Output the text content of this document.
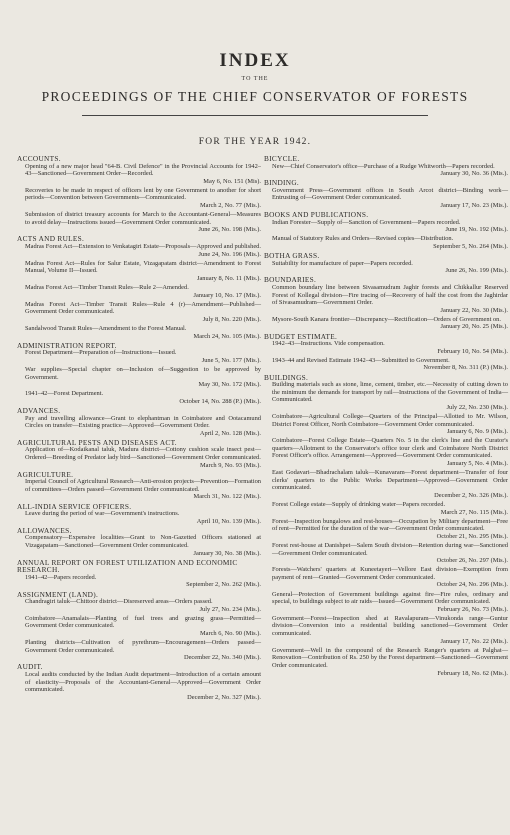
INDEX
TO THE
PROCEEDINGS OF THE CHIEF CONSERVATOR OF FORESTS
FOR THE YEAR 1942.
ACCOUNTS.
Opening of a new major head "64-B. Civil Defence" in the Provincial Accounts for 1942–43—Sanctioned—Government Order—Recorded.
May 6, No. 151 (Mis).
Recoveries to be made in respect of officers lent by one Government to another for short periods—Convention between Governments—Communicated.
March 2, No. 77 (Mis.).
Submission of district treasury accounts for March to the Accountant-General—Measures to avoid delay—Instructions issued—Government Order communicated.
June 26, No. 198 (Mis.).
ACTS AND RULES.
Madras Forest Act—Extension to Venkatagiri Estate—Proposals—Approved and published.
June 24, No. 196 (Mis.).
Madras Forest Act—Rules for Salur Estate, Vizagapatam district—Amendment to Forest Manual, Volume II—Issued.
January 8, No. 11 (Mis.).
Madras Forest Act—Timber Transit Rules—Rule 2—Amended.
January 10, No. 17 (Mis.).
Madras Forest Act—Timber Transit Rules—Rule 4 (r)—Amendment—Published—Government Order communicated.
July 8, No. 220 (Mis.).
Sandalwood Transit Rules—Amendment to the Forest Manual.
March 24, No. 105 (Mis.).
ADMINISTRATION REPORT.
Forest Department—Preparation of—Instructions—Issued.
June 5, No. 177 (Mis.).
War supplies—Special chapter on—Inclusion of—Suggestion to be approved by Government.
May 30, No. 172 (Mis.).
1941–42—Forest Department.
October 14, No. 288 (P.) (Mis.).
ADVANCES.
Pay and travelling allowance—Grant to elephantman in Coimbatore and Ootacamund Circles on transfer—Existing practice—Approved—Government Order.
April 2, No. 128 (Mis.).
AGRICULTURAL PESTS AND DISEASES ACT.
Application of—Kodaikanal taluk, Madura district—Cottony cushion scale insect pest—Ordered—Breeding of Predator lady bird—Sanctioned—Government Order communicated.
March 9, No. 93 (Mis.).
AGRICULTURE.
Imperial Council of Agricultural Research—Anti-erosion projects—Prevention—Formation of committees—Orders passed—Government Order communicated.
March 31, No. 122 (Mis.).
ALL-INDIA SERVICE OFFICERS.
Leave during the period of war—Government's instructions.
April 10, No. 139 (Mis.).
ALLOWANCES.
Compensatory—Expensive localities—Grant to Non-Gazetted Officers stationed at Vizagapatam—Sanctioned—Government Order communicated.
January 30, No. 38 (Mis.).
ANNUAL REPORT ON FOREST UTILIZATION AND ECONOMIC RESEARCH.
1941–42—Papers recorded.
September 2, No. 262 (Mis.).
ASSIGNMENT (LAND).
Chandragiri taluk—Chittoor district—Disreserved areas—Orders passed.
July 27, No. 234 (Mis.).
Coimbatore—Anamalais—Planting of fuel trees and grazing grass—Permitted—Government Order communicated.
March 6, No. 90 (Mis.).
Planting districts—Cultivation of pyrethrum—Encouragement—Orders passed—Government Order communicated.
December 22, No. 340 (Mis.).
AUDIT.
Local audits conducted by the Indian Audit department—Introduction of a certain amount of elasticity—Proposals of the Accountant-General—Approved—Government Order communicated.
December 2, No. 327 (Mis.).
BICYCLE.
New—Chief Conservator's office—Purchase of a Rudge Whitworth—Papers recorded.
January 30, No. 36 (Mis.).
BINDING.
Government Press—Government offices in South Arcot district—Binding work—Entrusting of—Government Order communicated.
January 17, No. 23 (Mis.).
BOOKS AND PUBLICATIONS.
Indian Forester—Supply of—Sanction of Government—Papers recorded.
June 19, No. 192 (Mis.).
Manual of Statutory Rules and Orders—Revised copies—Distribution.
September 5, No. 264 (Mis.).
BOTHA GRASS.
Suitability for manufacture of paper—Papers recorded.
June 26, No. 199 (Mis.).
BOUNDARIES.
Common boundary line between Sivasamudram Jaghir forests and Chikkallur Reserved Forest of Kollegal division—Fire tracing of—Recovery of half the cost from the Jaghirdar of Sivasamudram—Government Order.
January 22, No. 30 (Mis.).
Mysore-South Kanara frontier—Discrepancy—Rectification—Orders of Government on.
January 20, No. 25 (Mis.).
BUDGET ESTIMATE.
1942–43—Instructions. Vide compensation.
February 10, No. 54 (Mis.).
1943–44 and Revised Estimate 1942–43—Submitted to Government.
November 8, No. 311 (P.) (Mis.).
BUILDINGS.
Building materials such as stone, lime, cement, timber, etc.—Necessity of cutting down to the minimum the demands for transport by rail—Instructions of the Government of India—Communicated.
July 22, No. 230 (Mis.).
Coimbatore—Agricultural College—Quarters of the Principal—Allotted to Mr. Wilson, District Forest Officer, North Coimbatore—Government Order communicated.
January 6, No. 9 (Mis.).
Coimbatore—Forest College Estate—Quarters No. 5 in the clerk's line and the Curator's quarters—Allotment to the Conservator's office tour clerk and Coimbatore North District Forest Officer's office. Arrangement—Approved—Government Order communicated.
January 5, No. 4 (Mis.).
East Godavari—Bhadrachalam taluk—Kunavaram—Forest department—Transfer of four clerks' quarters to the Public Works Department—Approved—Government Order communicated.
December 2, No. 326 (Mis.).
Forest College estate—Supply of drinking water—Papers recorded.
March 27, No. 115 (Mis.).
Forest—Inspection bungalows and rest-houses—Occupation by Military department—Free of rent—Permitted for the duration of the war—Government Order communicated.
October 21, No. 295 (Mis.).
Forest rest-house at Danishpet—Salem South division—Retention during war—Sanctioned—Government Order communicated.
October 26, No. 297 (Mis.).
Forests—Watchers' quarters at Kuneetayeri—Vellore East division—Exemption from payment of rent—Granted—Government Order communicated.
October 24, No. 296 (Mis.).
General—Protection of Government buildings against fire—Fire rules, ordinary and special, to buildings subject to air raids—Issued—Government Order communicated.
February 26, No. 73 (Mis.).
Government—Forest—Inspection shed at Ravalapuram—Vinukonda range—Guntur division—Conversion into a residential building sanctioned—Government Order communicated.
January 17, No. 22 (Mis.).
Government—Well in the compound of the Research Ranger's quarters at Palghat—Renovation—Contribution of Rs. 250 by the Forest department—Sanctioned—Government Order communicated.
February 18, No. 62 (Mis.).
